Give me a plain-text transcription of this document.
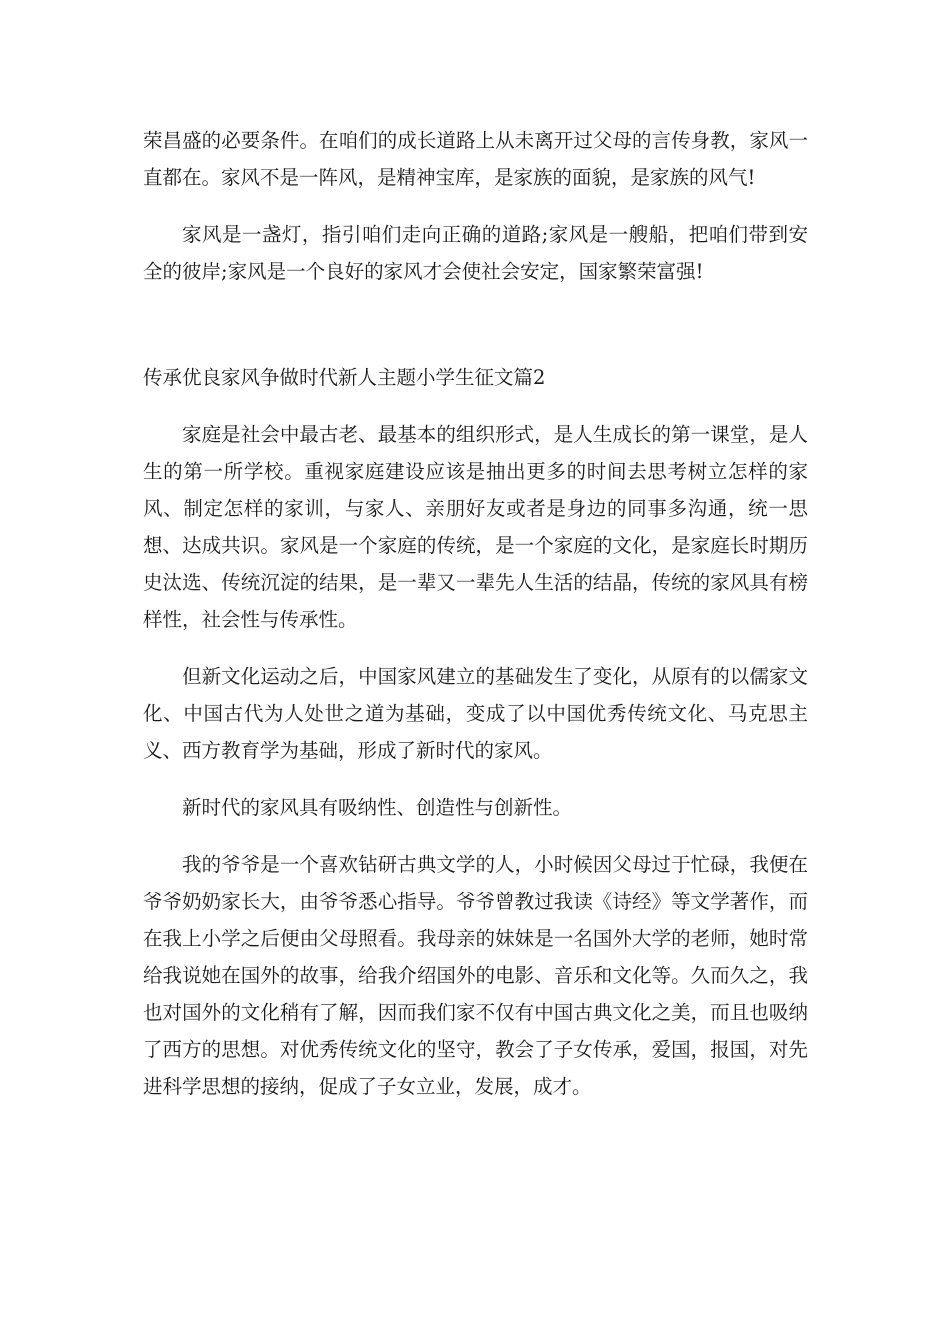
荣昌盛的必要条件。在咱们的成长道路上从未离开过父母的言传身教，家风一直都在。家风不是一阵风，是精神宝库，是家族的面貌，是家族的风气!

家风是一盏灯，指引咱们走向正确的道路;家风是一艘船，把咱们带到安全的彼岸;家风是一个良好的家风才会使社会安定，国家繁荣富强!

传承优良家风争做时代新人主题小学生征文篇2

家庭是社会中最古老、最基本的组织形式，是人生成长的第一课堂，是人生的第一所学校。重视家庭建设应该是抽出更多的时间去思考树立怎样的家风、制定怎样的家训，与家人、亲朋好友或者是身边的同事多沟通，统一思想、达成共识。家风是一个家庭的传统，是一个家庭的文化，是家庭长时期历史汰选、传统沉淀的结果，是一辈又一辈先人生活的结晶，传统的家风具有榜样性，社会性与传承性。

但新文化运动之后，中国家风建立的基础发生了变化，从原有的以儒家文化、中国古代为人处世之道为基础，变成了以中国优秀传统文化、马克思主义、西方教育学为基础，形成了新时代的家风。

新时代的家风具有吸纳性、创造性与创新性。

我的爷爷是一个喜欢钻研古典文学的人，小时候因父母过于忙碌，我便在爷爷奶奶家长大，由爷爷悉心指导。爷爷曾教过我读《诗经》等文学著作，而在我上小学之后便由父母照看。我母亲的妹妹是一名国外大学的老师，她时常给我说她在国外的故事，给我介绍国外的电影、音乐和文化等。久而久之，我也对国外的文化稍有了解，因而我们家不仅有中国古典文化之美，而且也吸纳了西方的思想。对优秀传统文化的坚守，教会了子女传承，爱国，报国，对先进科学思想的接纳，促成了子女立业，发展，成才。
